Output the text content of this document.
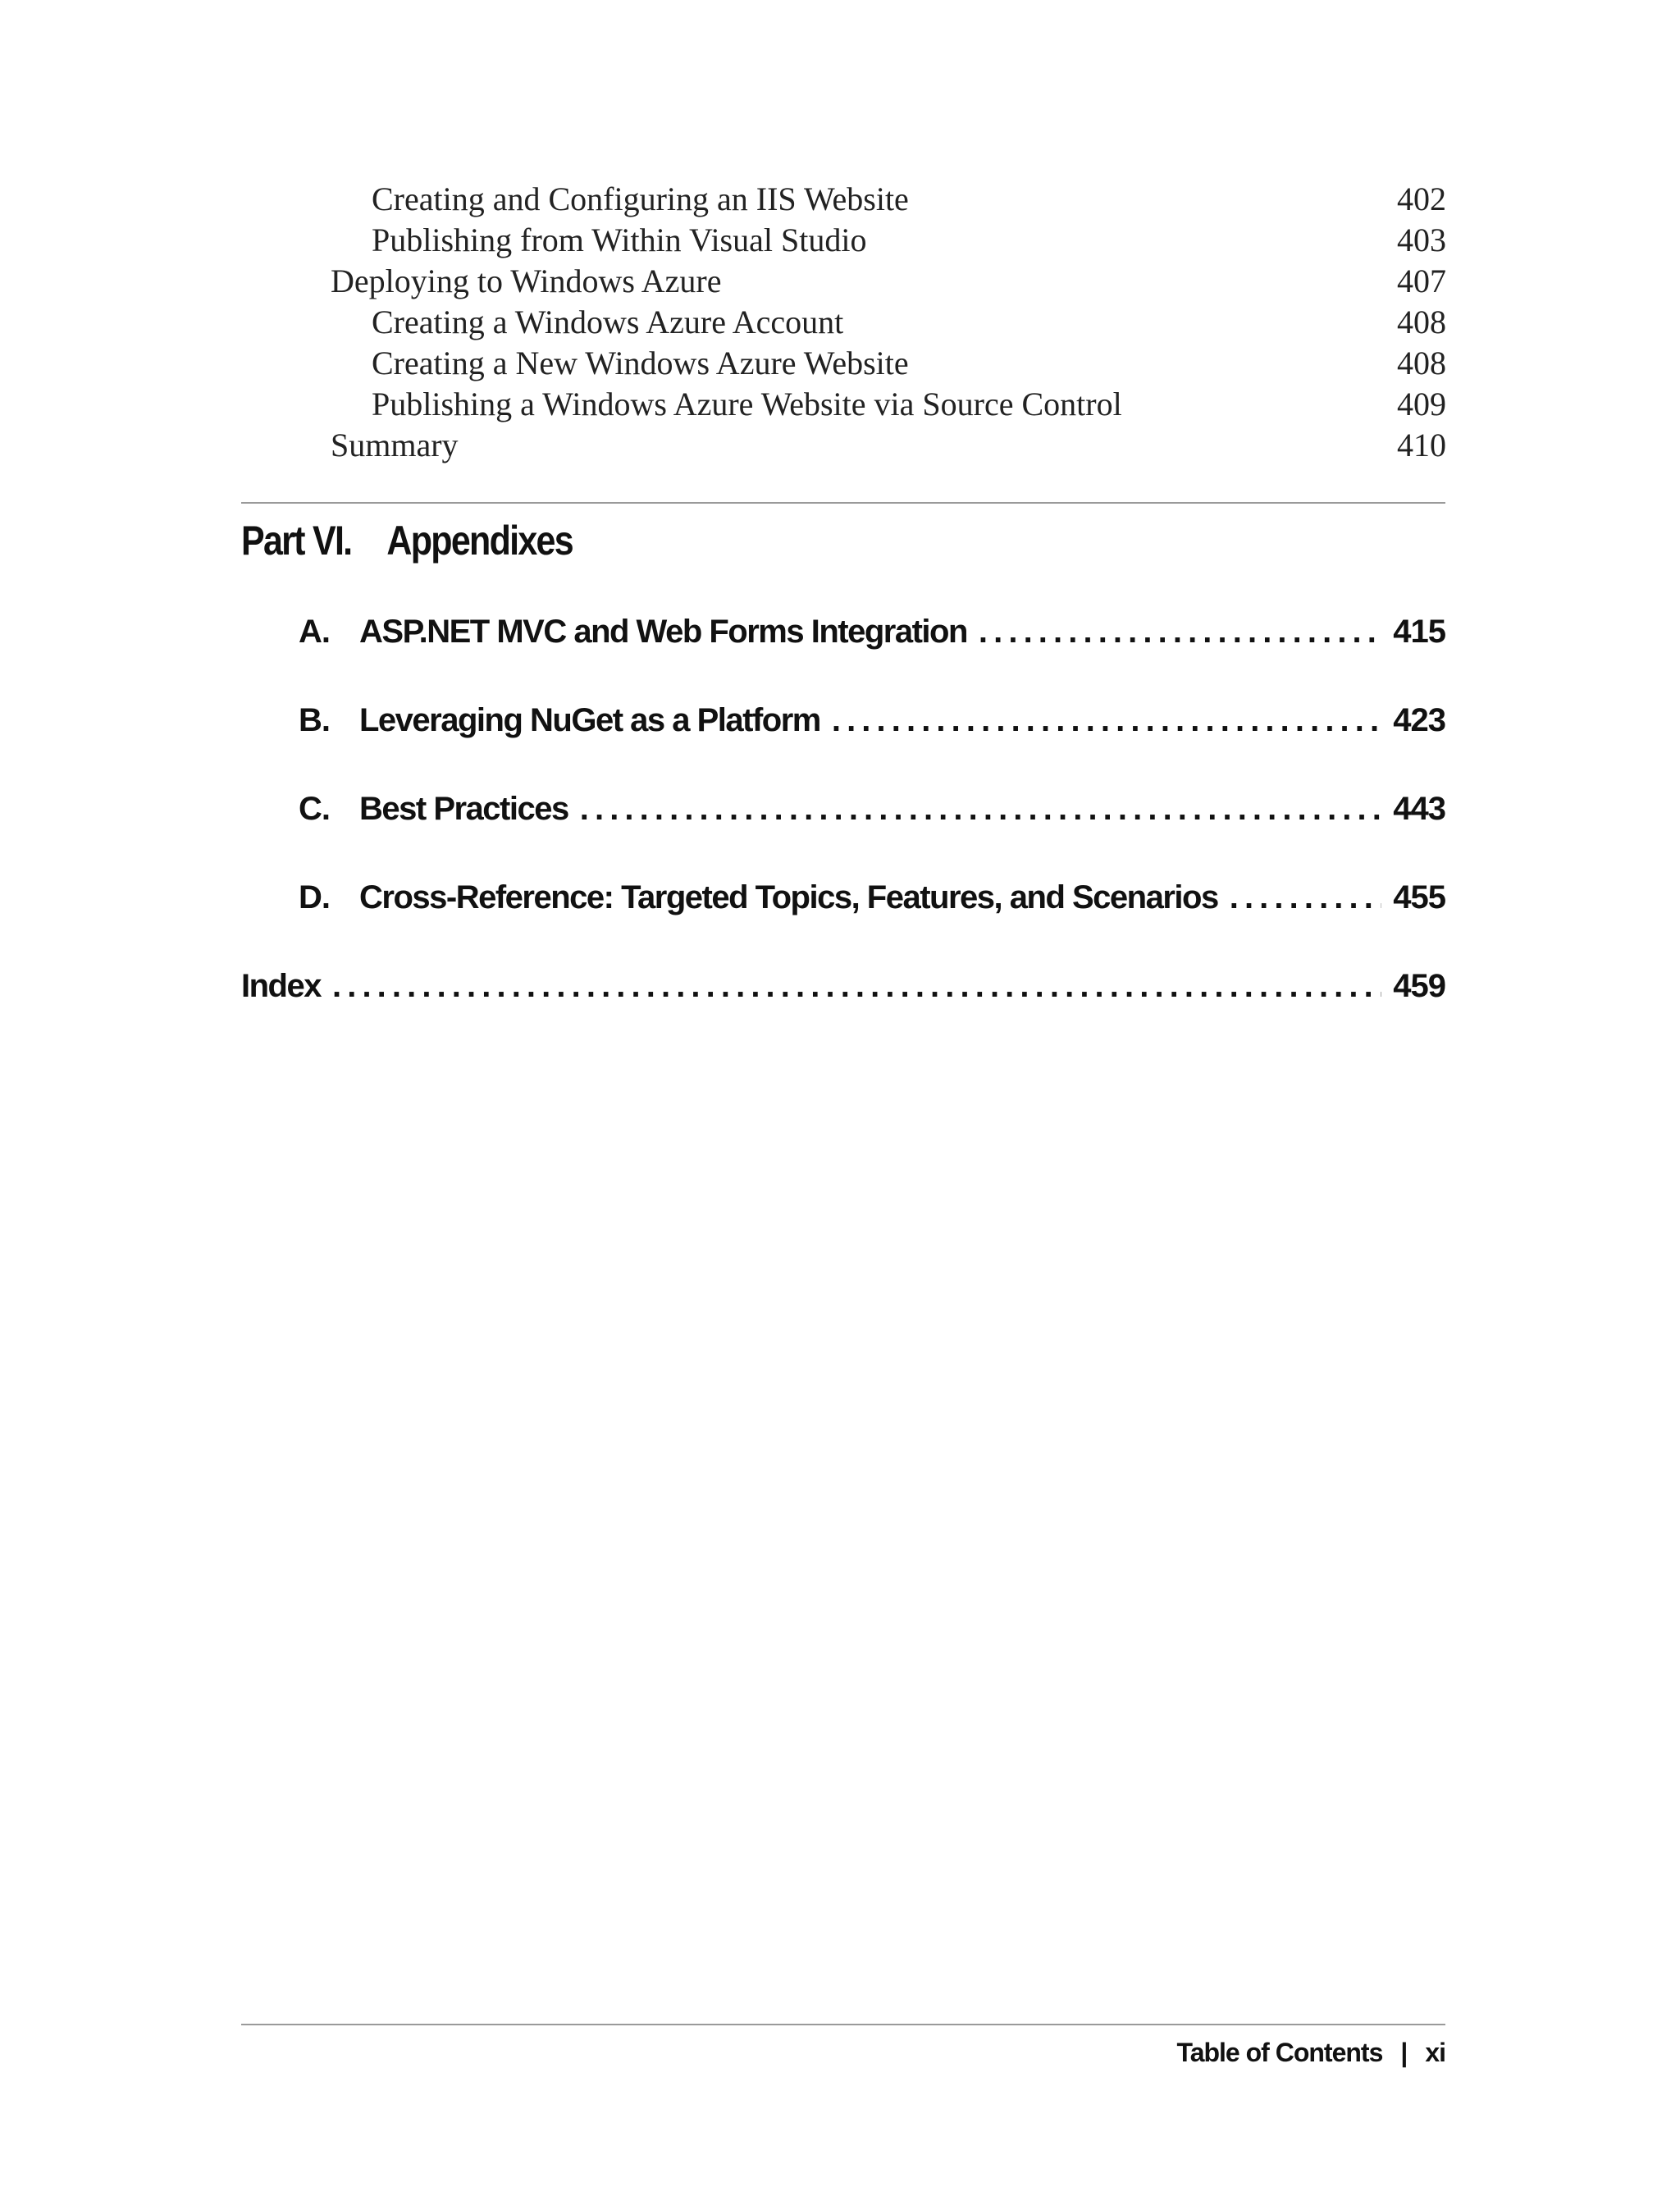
Creating and Configuring an IIS Website	402
Publishing from Within Visual Studio	403
Deploying to Windows Azure	407
Creating a Windows Azure Account	408
Creating a New Windows Azure Website	408
Publishing a Windows Azure Website via Source Control	409
Summary	410
Part VI. Appendixes
A. ASP.NET MVC and Web Forms Integration . . .	415
B. Leveraging NuGet as a Platform . . .	423
C. Best Practices . . .	443
D. Cross-Reference: Targeted Topics, Features, and Scenarios . . .	455
Index . . .	459
Table of Contents | xi
